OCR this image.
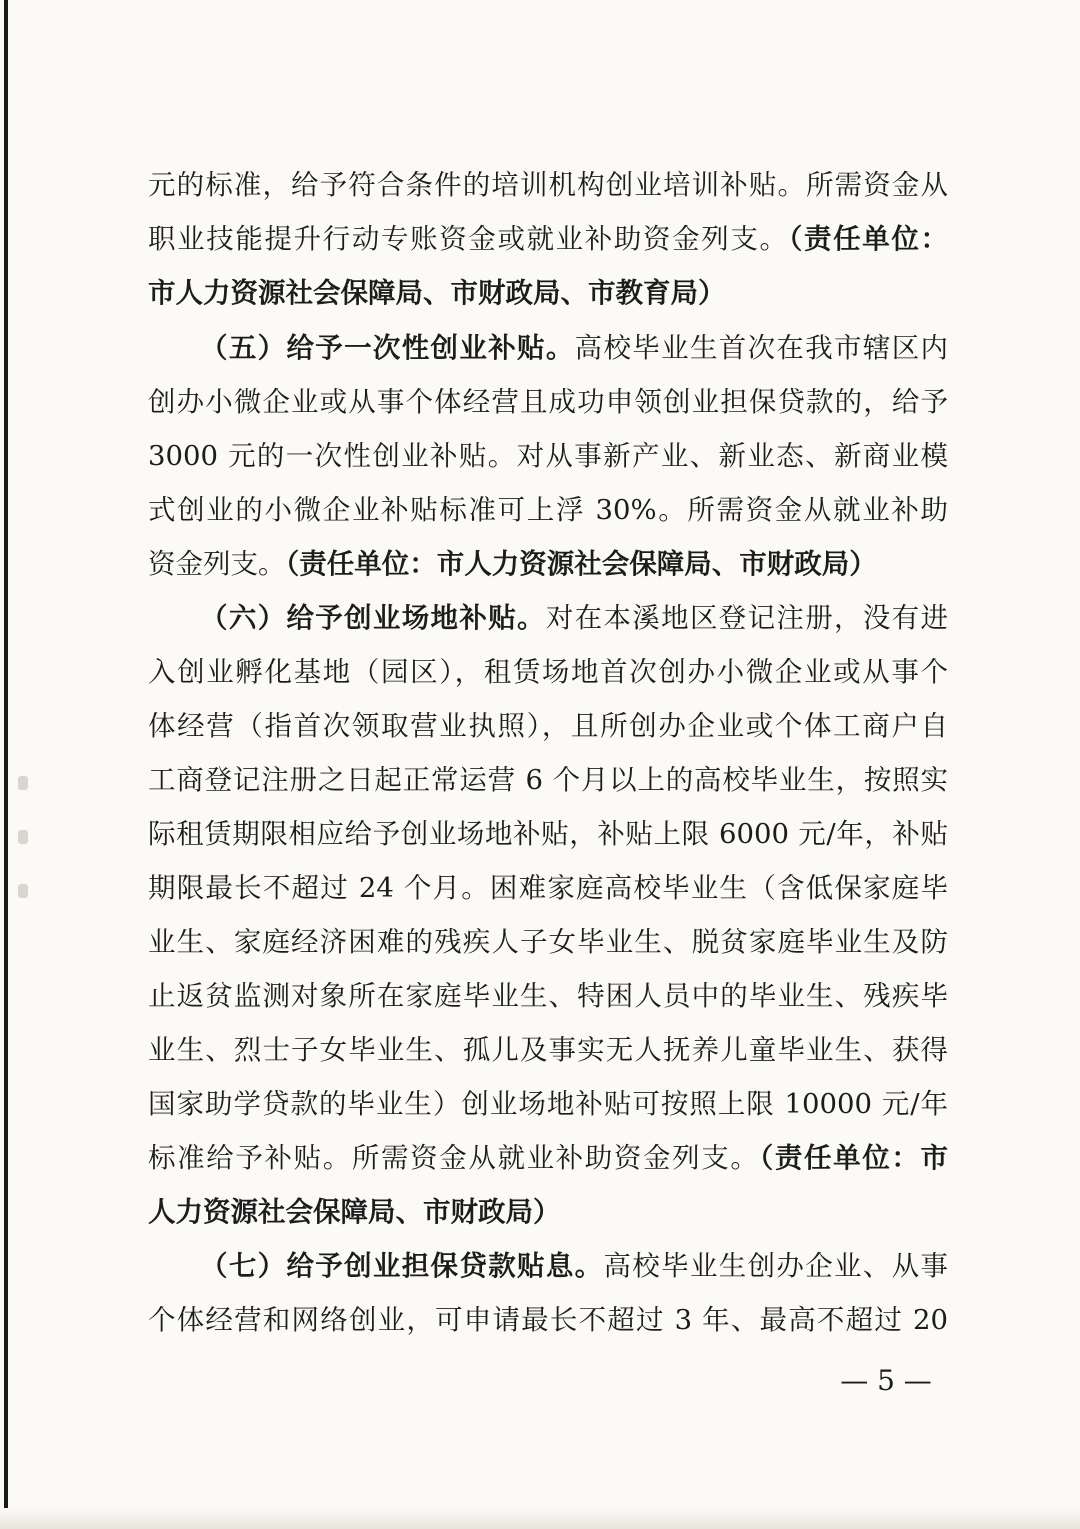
元的标准，给予符合条件的培训机构创业培训补贴。所需资金从
职业技能提升行动专账资金或就业补助资金列支。（责任单位：
市人力资源社会保障局、市财政局、市教育局）
（五）给予一次性创业补贴。高校毕业生首次在我市辖区内
创办小微企业或从事个体经营且成功申领创业担保贷款的，给予
3000 元的一次性创业补贴。对从事新产业、新业态、新商业模
式创业的小微企业补贴标准可上浮 30%。所需资金从就业补助
资金列支。（责任单位：市人力资源社会保障局、市财政局）
（六）给予创业场地补贴。对在本溪地区登记注册，没有进
入创业孵化基地（园区），租赁场地首次创办小微企业或从事个
体经营（指首次领取营业执照），且所创办企业或个体工商户自
工商登记注册之日起正常运营 6 个月以上的高校毕业生，按照实
际租赁期限相应给予创业场地补贴，补贴上限 6000 元/年，补贴
期限最长不超过 24 个月。困难家庭高校毕业生（含低保家庭毕
业生、家庭经济困难的残疾人子女毕业生、脱贫家庭毕业生及防
止返贫监测对象所在家庭毕业生、特困人员中的毕业生、残疾毕
业生、烈士子女毕业生、孤儿及事实无人抚养儿童毕业生、获得
国家助学贷款的毕业生）创业场地补贴可按照上限 10000 元/年
标准给予补贴。所需资金从就业补助资金列支。（责任单位：市
人力资源社会保障局、市财政局）
（七）给予创业担保贷款贴息。高校毕业生创办企业、从事
个体经营和网络创业，可申请最长不超过 3 年、最高不超过 20
— 5 —
